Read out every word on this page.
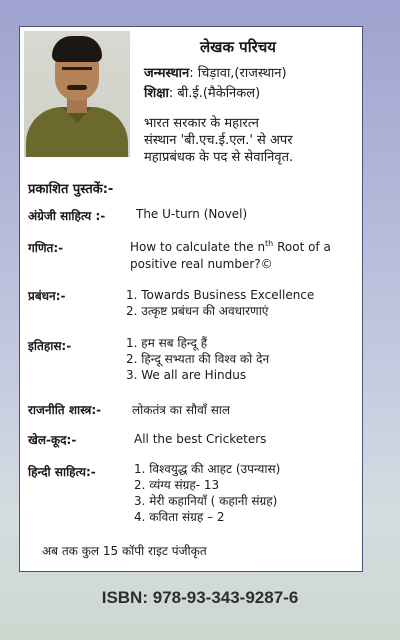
लेखक परिचय
जन्मस्थान: चिड़ावा,(राजस्थान)
शिक्षा: बी.ई.(मैकेनिकल)
भारत सरकार के महारत्न
संस्थान 'बी.एच.ई.एल.' से अपर
महाप्रबंधक के पद से सेवानिवृत.
प्रकाशित पुस्तकें:-
अंग्रेजी साहित्य :-	The U-turn (Novel)
गणित:-	How to calculate the $n^{th}$ Root of a
positive real number?©
प्रबंधन:-	1. Towards Business Excellence
2. उत्कृष्ट प्रबंधन की अवधारणाएं
इतिहास:-	1. हम सब हिन्दू हैं
2. हिन्दू सभ्यता की विश्व को देन
3. We all are Hindus
राजनीति शास्त्र:-	लोकतंत्र का सौवाँ साल
खेल-कूद:-	All the best Cricketers
हिन्दी साहित्य:-	1. विश्वयुद्ध की आहट (उपन्यास)
2. व्यंग्य संग्रह- 13
3. मेरी कहानियाँ ( कहानी संग्रह)
4. कविता संग्रह – 2
अब तक कुल 15 कॉपी राइट पंजीकृत
ISBN: 978-93-343-9287-6
